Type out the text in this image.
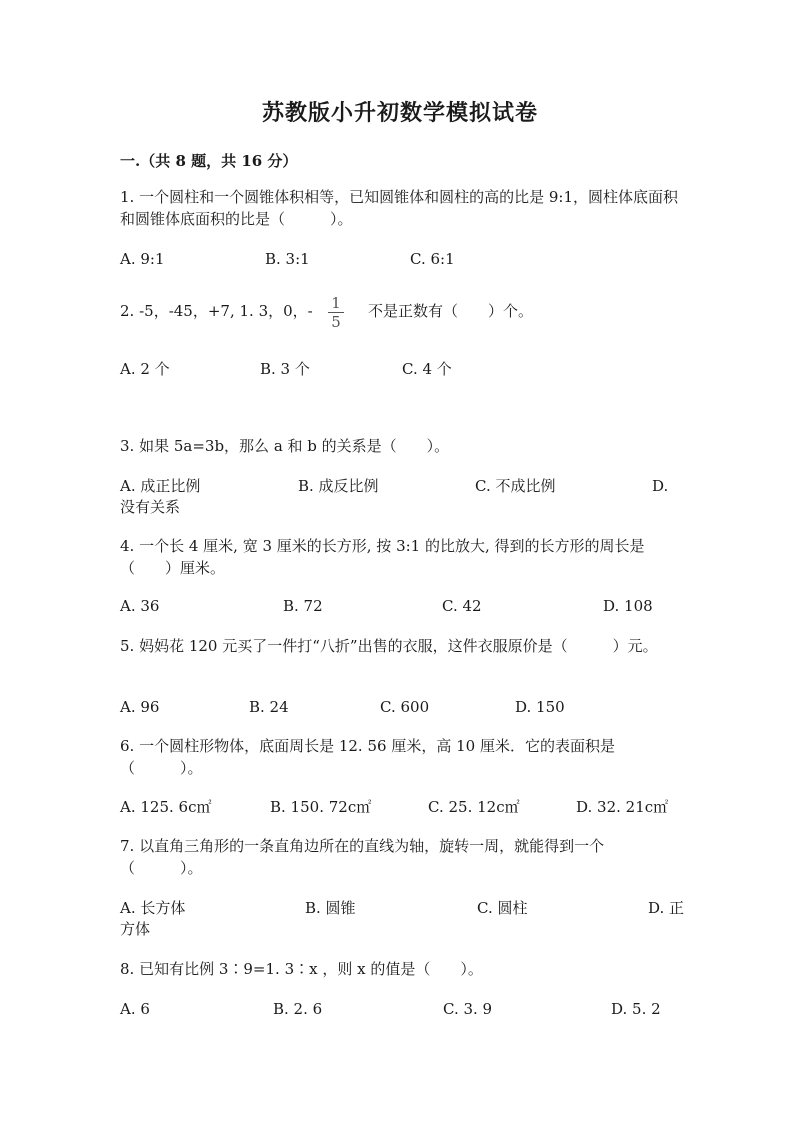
苏教版小升初数学模拟试卷
一.（共 8 题，共 16 分）
1. 一个圆柱和一个圆锥体积相等，已知圆锥体和圆柱的高的比是 9:1，圆柱体底面积和圆锥体底面积的比是（　　　）。
A. 9:1	B. 3:1	C. 6:1
2. -5，-45，+7, 1. 3，0，- 1
5
不是正数有（　　）个。
A. 2 个	B. 3 个	C. 4 个
3. 如果 5a=3b，那么 a 和 b 的关系是（　　）。
A. 成正比例	B. 成反比例	C. 不成比例	D.
没有关系
4. 一个长 4 厘米, 宽 3 厘米的长方形, 按 3:1 的比放大, 得到的长方形的周长是（　　）厘米。
A. 36	B. 72	C. 42	D. 108
5. 妈妈花 120 元买了一件打“八折”出售的衣服，这件衣服原价是（　　　）元。
A. 96	B. 24	C. 600	D. 150
6. 一个圆柱形物体，底面周长是 12. 56 厘米，高 10 厘米．它的表面积是（　　　）。
A. 125. 6c㎡	B. 150. 72c㎡	C. 25. 12c㎡	D. 32. 21c㎡
7. 以直角三角形的一条直角边所在的直线为轴，旋转一周，就能得到一个（　　　）。
A. 长方体	B. 圆锥	C. 圆柱	D. 正
方体
8. 已知有比例 3∶9=1. 3∶x ，则 x 的值是（　　）。
A. 6	B. 2. 6	C. 3. 9	D. 5. 2
